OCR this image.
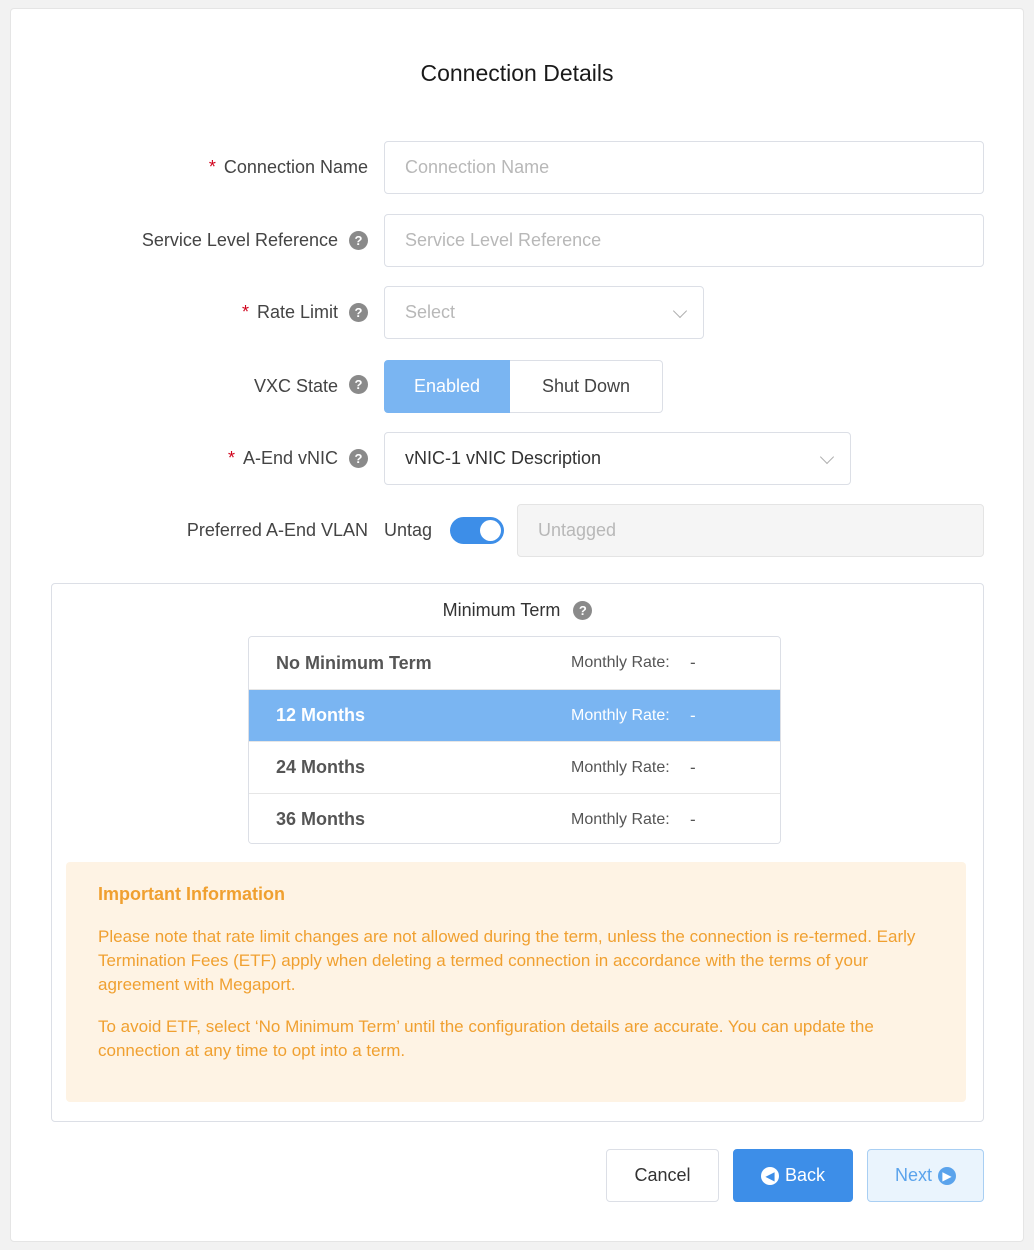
Connection Details
* Connection Name
Connection Name
Service Level Reference	?
Service Level Reference
* Rate Limit	?	Select
VXC State	?	Enabled	Shut Down
* A-End vNIC	?	vNIC-1 vNIC Description
Preferred A-End VLAN Untag
Untagged
Minimum Term	?
No Minimum Term	Monthly Rate: -
12 Months	Monthly Rate: -
24 Months	Monthly Rate: -
36 Months	Monthly Rate: -
Important Information

Please note that rate limit changes are not allowed during the term, unless the connection is re-termed. Early Termination Fees (ETF) apply when deleting a termed connection in accordance with the terms of your agreement with Megaport.

To avoid ETF, select ‘No Minimum Term’ until the configuration details are accurate. You can update the connection at any time to opt into a term.

Cancel	◀ Back	Next ▶
